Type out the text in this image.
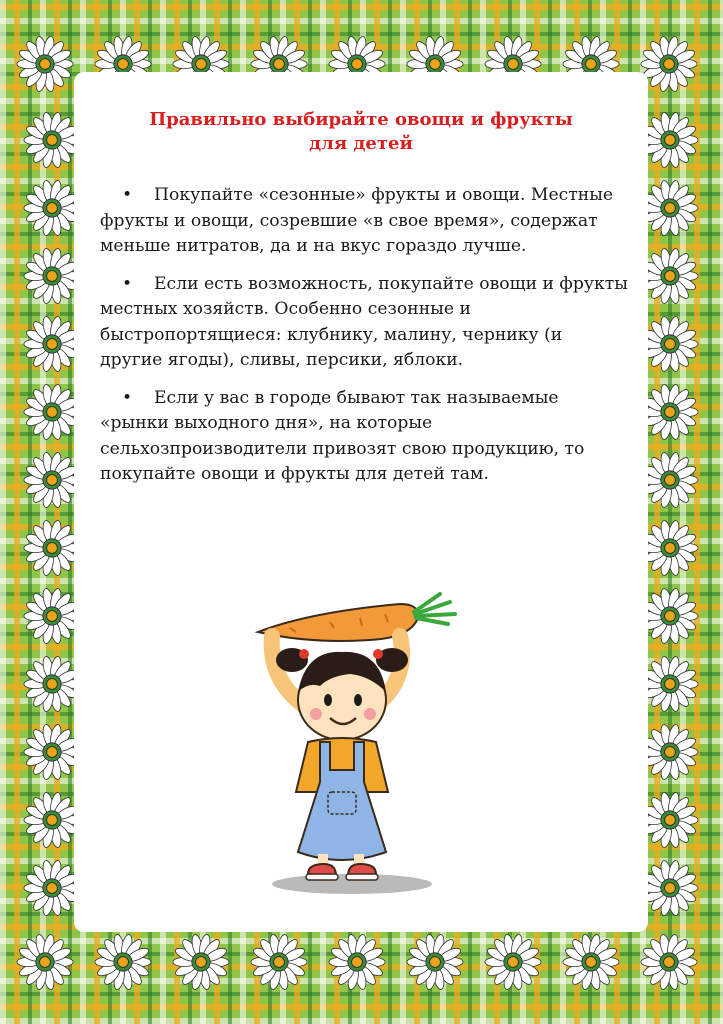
Правильно выбирайте овощи и фрукты
для детей

• Покупайте «сезонные» фрукты и овощи. Местные фрукты и овощи, созревшие «в свое время», содержат меньше нитратов, да и на вкус гораздо лучше.

• Если есть возможность, покупайте овощи и фрукты местных хозяйств. Особенно сезонные и быстропортящиеся: клубнику, малину, чернику (и другие ягоды), сливы, персики, яблоки.

• Если у вас в городе бывают так называемые «рынки выходного дня», на которые сельхозпроизводители привозят свою продукцию, то покупайте овощи и фрукты для детей там.
